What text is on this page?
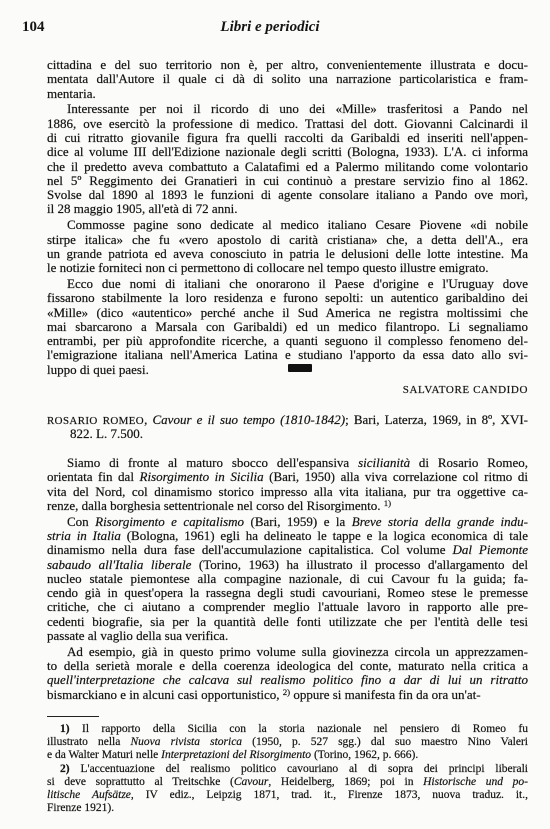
104	Libri e periodici
cittadina e del suo territorio non è, per altro, convenientemente illustrata e docu-
mentata dall'Autore il quale ci dà di solito una narrazione particolaristica e fram-
mentaria.
Interessante per noi il ricordo di uno dei «Mille» trasferitosi a Pando nel
1886, ove esercitò la professione di medico. Trattasi del dott. Giovanni Calcinardi il
di cui ritratto giovanile figura fra quelli raccolti da Garibaldi ed inseriti nell'appen-
dice al volume III dell'Edizione nazionale degli scritti (Bologna, 1933). L'A. ci informa
che il predetto aveva combattuto a Calatafimi ed a Palermo militando come volontario
nel 5º Reggimento dei Granatieri in cui continuò a prestare servizio fino al 1862.
Svolse dal 1890 al 1893 le funzioni di agente consolare italiano a Pando ove morì,
il 28 maggio 1905, all'età di 72 anni.
Commosse pagine sono dedicate al medico italiano Cesare Piovene «di nobile
stirpe italica» che fu «vero apostolo di carità cristiana» che, a detta dell'A., era
un grande patriota ed aveva conosciuto in patria le delusioni delle lotte intestine. Ma
le notizie forniteci non ci permettono di collocare nel tempo questo illustre emigrato.
Ecco due nomi di italiani che onorarono il Paese d'origine e l'Uruguay dove
fissarono stabilmente la loro residenza e furono sepolti: un autentico garibaldino dei
«Mille» (dico «autentico» perché anche il Sud America ne registra moltissimi che
mai sbarcarono a Marsala con Garibaldi) ed un medico filantropo. Li segnaliamo
entrambi, per più approfondite ricerche, a quanti seguono il complesso fenomeno del-
l'emigrazione italiana nell'America Latina e studiano l'apporto da essa dato allo svi-
luppo di quei paesi.
SALVATORE CANDIDO
ROSARIO ROMEO, Cavour e il suo tempo (1810-1842); Bari, Laterza, 1969, in 8º, XVI-
822. L. 7.500.
Siamo di fronte al maturo sbocco dell'espansiva sicilianità di Rosario Romeo,
orientata fin dal Risorgimento in Sicilia (Bari, 1950) alla viva correlazione col ritmo di
vita del Nord, col dinamismo storico impresso alla vita italiana, pur tra oggettive ca-
renze, dalla borghesia settentrionale nel corso del Risorgimento. $^{1)}$
Con Risorgimento e capitalismo (Bari, 1959) e la Breve storia della grande indu-
stria in Italia (Bologna, 1961) egli ha delineato le tappe e la logica economica di tale
dinamismo nella dura fase dell'accumulazione capitalistica. Col volume Dal Piemonte
sabaudo all'Italia liberale (Torino, 1963) ha illustrato il processo d'allargamento del
nucleo statale piemontese alla compagine nazionale, di cui Cavour fu la guida; fa-
cendo già in quest'opera la rassegna degli studi cavouriani, Romeo stese le premesse
critiche, che ci aiutano a comprender meglio l'attuale lavoro in rapporto alle pre-
cedenti biografie, sia per la quantità delle fonti utilizzate che per l'entità delle tesi
passate al vaglio della sua verifica.
Ad esempio, già in questo primo volume sulla giovinezza circola un apprezzamen-
to della serietà morale e della coerenza ideologica del conte, maturato nella critica a
quell'interpretazione che calcava sul realismo politico fino a dar di lui un ritratto
bismarckiano e in alcuni casi opportunistico, $^{2)}$ oppure si manifesta fin da ora un'at-
1) Il rapporto della Sicilia con la storia nazionale nel pensiero di Romeo fu
illustrato nella Nuova rivista storica (1950, p. 527 sgg.) dal suo maestro Nino Valeri
e da Walter Maturi nelle Interpretazioni del Risorgimento (Torino, 1962, p. 666).
2) L'accentuazione del realismo politico cavouriano al di sopra dei principi liberali
si deve soprattutto al Treitschke (Cavour, Heidelberg, 1869; poi in Historische und po-
litische Aufsätze, IV ediz., Leipzig 1871, trad. it., Firenze 1873, nuova traduz. it.,
Firenze 1921).
